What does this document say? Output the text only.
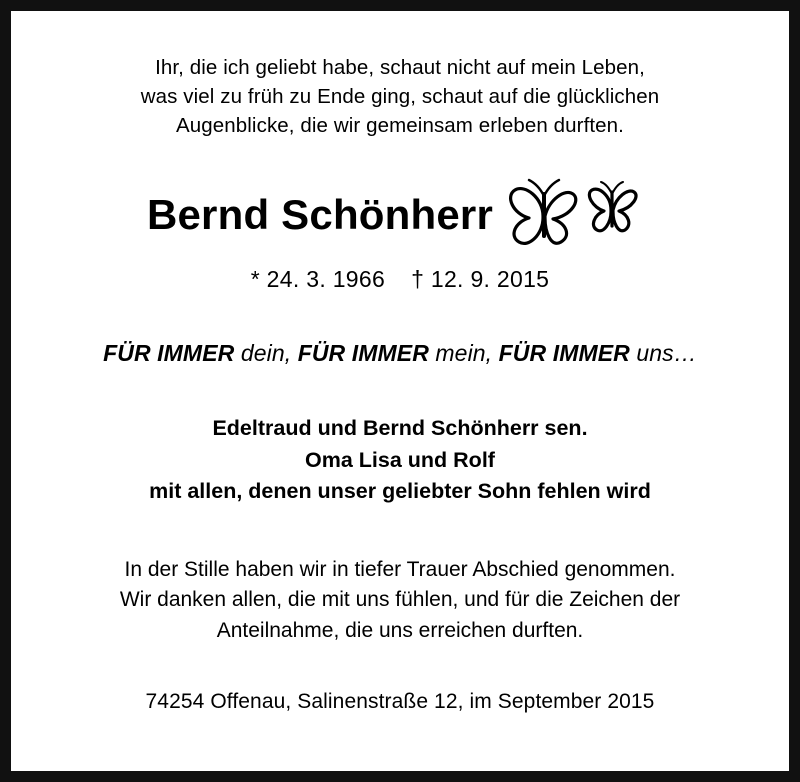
Ihr, die ich geliebt habe, schaut nicht auf mein Leben,
was viel zu früh zu Ende ging, schaut auf die glücklichen
Augenblicke, die wir gemeinsam erleben durften.
Bernd Schönherr
* 24. 3. 1966 † 12. 9. 2015
FÜR IMMER dein, FÜR IMMER mein, FÜR IMMER uns…
Edeltraud und Bernd Schönherr sen.
Oma Lisa und Rolf
mit allen, denen unser geliebter Sohn fehlen wird
In der Stille haben wir in tiefer Trauer Abschied genommen.
Wir danken allen, die mit uns fühlen, und für die Zeichen der
Anteilnahme, die uns erreichen durften.
74254 Offenau, Salinenstraße 12, im September 2015
